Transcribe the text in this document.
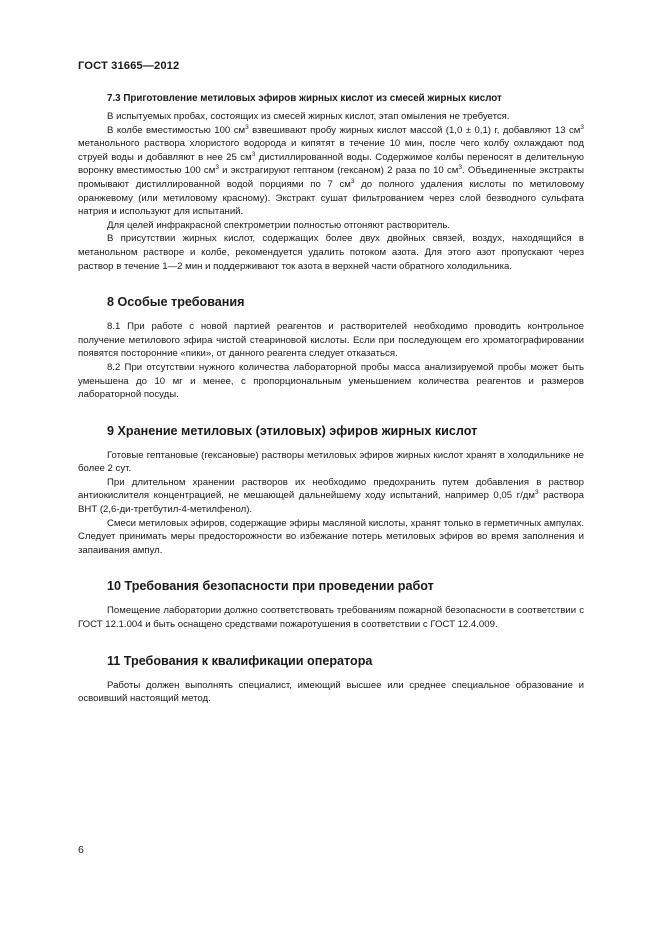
ГОСТ 31665—2012
7.3 Приготовление метиловых эфиров жирных кислот из смесей жирных кислот

В испытуемых пробах, состоящих из смесей жирных кислот, этап омыления не требуется.

В колбе вместимостью 100 $см^3$ взвешивают пробу жирных кислот массой (1,0 ± 0,1) г, добавляют 13 $см^3$ метанольного раствора хлористого водорода и кипятят в течение 10 мин, после чего колбу охлаждают под струей воды и добавляют в нее 25 $см^3$ дистиллированной воды. Содержимое колбы переносят в делительную воронку вместимостью 100 $см^3$ и экстрагируют гептаном (гексаном) 2 раза по 10 $см^3$. Объединенные экстракты промывают дистиллированной водой порциями по 7 $см^3$ до полного удаления кислоты по метиловому оранжевому (или метиловому красному). Экстракт сушат фильтрованием через слой безводного сульфата натрия и используют для испытаний.

Для целей инфракрасной спектрометрии полностью отгоняют растворитель.

В присутствии жирных кислот, содержащих более двух двойных связей, воздух, находящийся в метанольном растворе и колбе, рекомендуется удалить потоком азота. Для этого азот пропускают через раствор в течение 1—2 мин и поддерживают ток азота в верхней части обратного холодильника.

8 Особые требования

8.1 При работе с новой партией реагентов и растворителей необходимо проводить контрольное получение метилового эфира чистой стеариновой кислоты. Если при последующем его хроматографировании появятся посторонние «пики», от данного реагента следует отказаться.

8.2 При отсутствии нужного количества лабораторной пробы масса анализируемой пробы может быть уменьшена до 10 мг и менее, с пропорциональным уменьшением количества реагентов и размеров лабораторной посуды.

9 Хранение метиловых (этиловых) эфиров жирных кислот

Готовые гептановые (гексановые) растворы метиловых эфиров жирных кислот хранят в холодильнике не более 2 сут.

При длительном хранении растворов их необходимо предохранить путем добавления в раствор антиокислителя концентрацией, не мешающей дальнейшему ходу испытаний, например 0,05 $г/дм^3$ раствора ВНТ (2,6-ди-третбутил-4-метилфенол).

Смеси метиловых эфиров, содержащие эфиры масляной кислоты, хранят только в герметичных ампулах. Следует принимать меры предосторожности во избежание потерь метиловых эфиров во время заполнения и запаивания ампул.

10 Требования безопасности при проведении работ

Помещение лаборатории должно соответствовать требованиям пожарной безопасности в соответствии с ГОСТ 12.1.004 и быть оснащено средствами пожаротушения в соответствии с ГОСТ 12.4.009.

11 Требования к квалификации оператора

Работы должен выполнять специалист, имеющий высшее или среднее специальное образование и освоивший настоящий метод.

6
